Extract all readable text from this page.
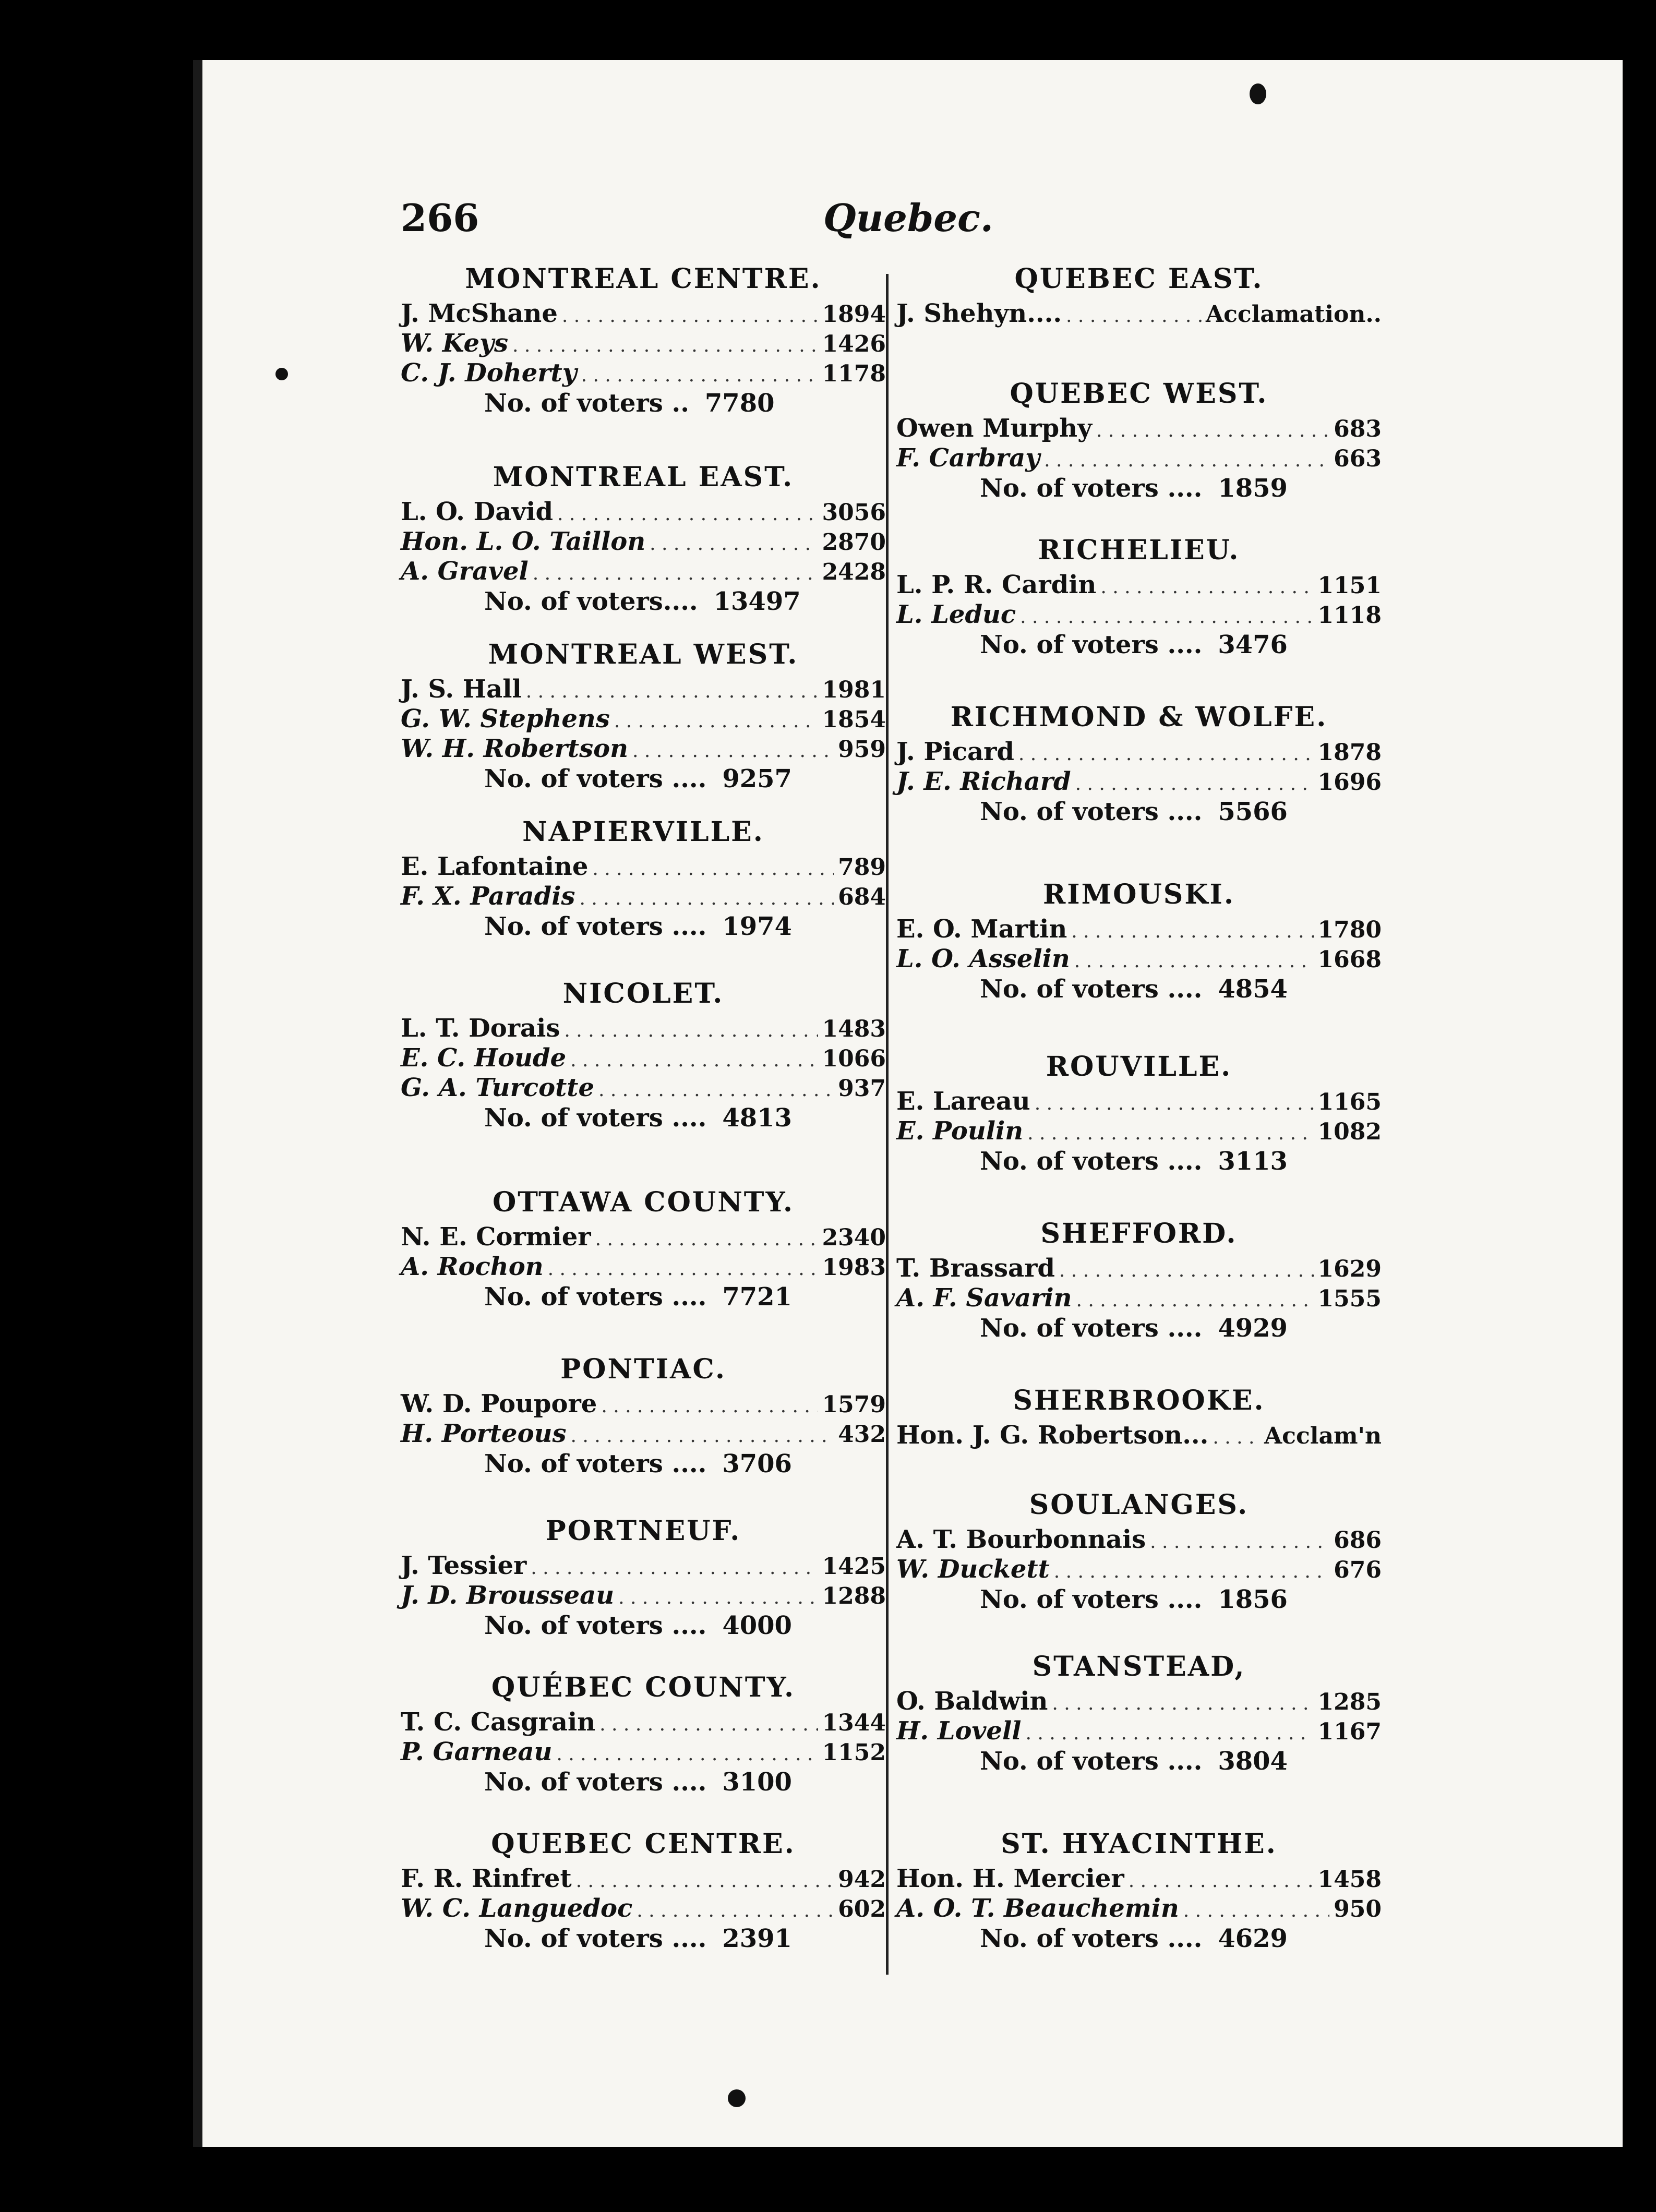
266	Quebec.
MONTREAL CENTRE.
J. McShane . . .	1894
W. Keys . . .	1426
C. J. Doherty . . .	1178
No. of voters .. 7780
MONTREAL EAST.
L. O. David . . .	3056
Hon. L. O. Taillon . . .	2870
A. Gravel . . .	2428
No. of voters.... 13497
MONTREAL WEST.
J. S. Hall . . .	1981
G. W. Stephens . . .	1854
W. H. Robertson . . .	959
No. of voters .... 9257
NAPIERVILLE.
E. Lafontaine . . .	789
F. X. Paradis . . .	684
No. of voters .... 1974
NICOLET.
L. T. Dorais . . .	1483
E. C. Houde . . .	1066
G. A. Turcotte . . .	937
No. of voters .... 4813
OTTAWA COUNTY.
N. E. Cormier . . .	2340
A. Rochon . . .	1983
No. of voters .... 7721
PONTIAC.
W. D. Poupore . . .	1579
H. Porteous . . .	432
No. of voters .... 3706
PORTNEUF.
J. Tessier . . .	1425
J. D. Brousseau . . .	1288
No. of voters .... 4000
QUÉBEC COUNTY.
T. C. Casgrain . . .	1344
P. Garneau . . .	1152
No. of voters .... 3100
QUEBEC CENTRE.
F. R. Rinfret . . .	942
W. C. Languedoc . . .	602
No. of voters .... 2391
QUEBEC EAST.
J. Shehyn.... . . .	Acclamation..
QUEBEC WEST.
Owen Murphy . . .	683
F. Carbray . . .	663
No. of voters .... 1859
RICHELIEU.
L. P. R. Cardin . . .	1151
L. Leduc . . .	1118
No. of voters .... 3476
RICHMOND & WOLFE.
J. Picard . . .	1878
J. E. Richard . . .	1696
No. of voters .... 5566
RIMOUSKI.
E. O. Martin . . .	1780
L. O. Asselin . . .	1668
No. of voters .... 4854
ROUVILLE.
E. Lareau . . .	1165
E. Poulin . . .	1082
No. of voters .... 3113
SHEFFORD.
T. Brassard . . .	1629
A. F. Savarin . . .	1555
No. of voters .... 4929
SHERBROOKE.
Hon. J. G. Robertson... . . . Acclam'n
SOULANGES.
A. T. Bourbonnais . . .	686
W. Duckett . . .	676
No. of voters .... 1856
STANSTEAD,
O. Baldwin . . .	1285
H. Lovell . . .	1167
No. of voters .... 3804
ST. HYACINTHE.
Hon. H. Mercier . . .	1458
A. O. T. Beauchemin . . .	950
No. of voters .... 4629
